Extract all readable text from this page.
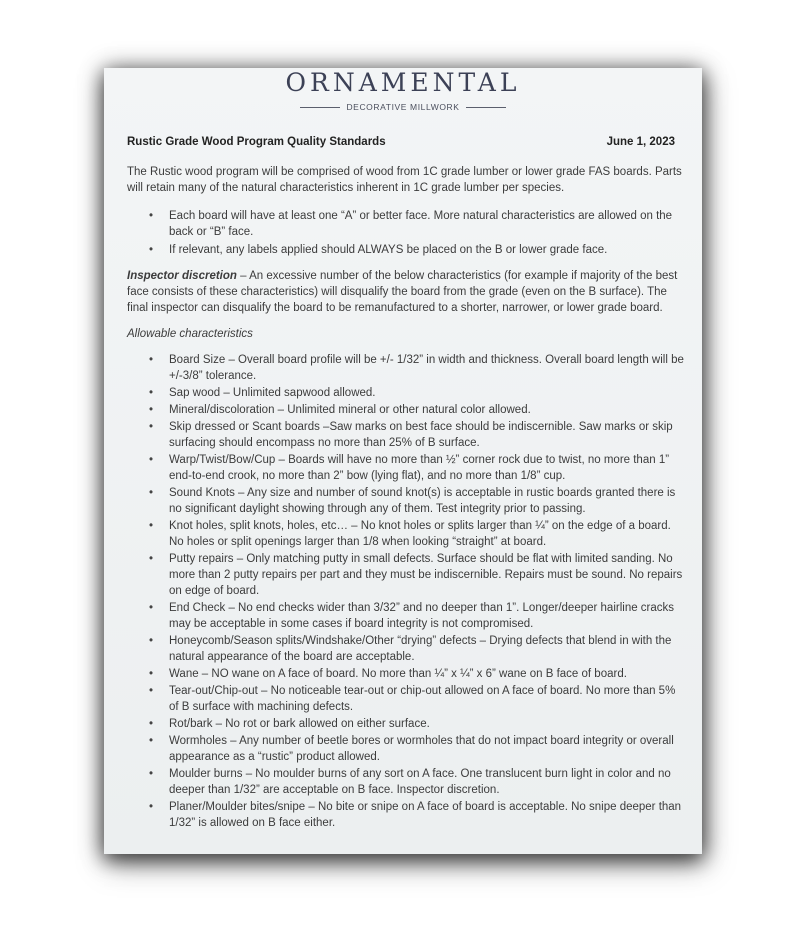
ORNAMENTAL
DECORATIVE MILLWORK
Rustic Grade Wood Program Quality Standards	June 1, 2023

The Rustic wood program will be comprised of wood from 1C grade lumber or lower grade FAS boards. Parts will retain many of the natural characteristics inherent in 1C grade lumber per species.

• Each board will have at least one “A” or better face. More natural characteristics are allowed on the back or “B” face.
• If relevant, any labels applied should ALWAYS be placed on the B or lower grade face.

Inspector discretion – An excessive number of the below characteristics (for example if majority of the best face consists of these characteristics) will disqualify the board from the grade (even on the B surface). The final inspector can disqualify the board to be remanufactured to a shorter, narrower, or lower grade board.

Allowable characteristics

• Board Size – Overall board profile will be +/- 1/32” in width and thickness. Overall board length will be +/-3/8” tolerance.
• Sap wood – Unlimited sapwood allowed.
• Mineral/discoloration – Unlimited mineral or other natural color allowed.
• Skip dressed or Scant boards –Saw marks on best face should be indiscernible. Saw marks or skip surfacing should encompass no more than 25% of B surface.
• Warp/Twist/Bow/Cup – Boards will have no more than ½” corner rock due to twist, no more than 1” end-to-end crook, no more than 2” bow (lying flat), and no more than 1/8” cup.
• Sound Knots – Any size and number of sound knot(s) is acceptable in rustic boards granted there is no significant daylight showing through any of them. Test integrity prior to passing.
• Knot holes, split knots, holes, etc… – No knot holes or splits larger than ¼” on the edge of a board. No holes or split openings larger than 1/8 when looking “straight” at board.
• Putty repairs – Only matching putty in small defects. Surface should be flat with limited sanding. No more than 2 putty repairs per part and they must be indiscernible. Repairs must be sound. No repairs on edge of board.
• End Check – No end checks wider than 3/32” and no deeper than 1”. Longer/deeper hairline cracks may be acceptable in some cases if board integrity is not compromised.
• Honeycomb/Season splits/Windshake/Other “drying” defects – Drying defects that blend in with the natural appearance of the board are acceptable.
• Wane – NO wane on A face of board. No more than ¼” x ¼” x 6” wane on B face of board.
• Tear-out/Chip-out – No noticeable tear-out or chip-out allowed on A face of board. No more than 5% of B surface with machining defects.
• Rot/bark – No rot or bark allowed on either surface.
• Wormholes – Any number of beetle bores or wormholes that do not impact board integrity or overall appearance as a “rustic” product allowed.
• Moulder burns – No moulder burns of any sort on A face. One translucent burn light in color and no deeper than 1/32” are acceptable on B face. Inspector discretion.
• Planer/Moulder bites/snipe – No bite or snipe on A face of board is acceptable. No snipe deeper than 1/32” is allowed on B face either.
